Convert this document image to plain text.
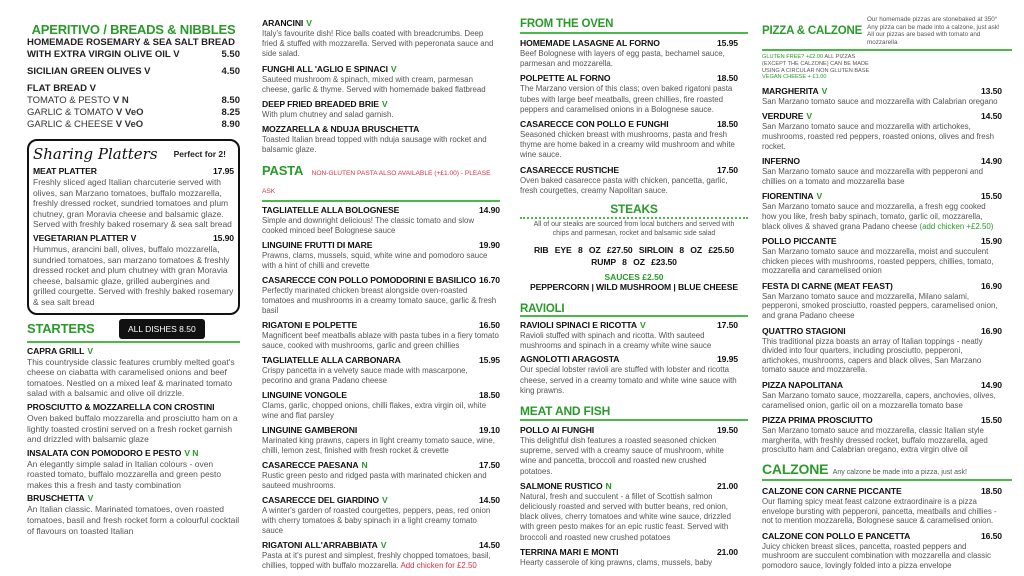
APERITIVO / BREADS & NIBBLES
HOMEMADE ROSEMARY & SEA SALT BREAD
WITH EXTRA VIRGIN OLIVE OIL V	5.50
SICILIAN GREEN OLIVES V	4.50
FLAT BREAD V
TOMATO & PESTO V N	8.50
GARLIC & TOMATO V VeO	8.25
GARLIC & CHEESE V VeO	8.90
Sharing Platters Perfect for 2!
MEAT PLATTER	17.95
Freshly sliced aged Italian charcuterie served with olives, san Marzano tomatoes, buffalo mozzarella, freshly dressed rocket, sundried tomatoes and plum chutney, gran Moravia cheese and balsamic glaze. Served with freshly baked rosemary & sea salt bread
VEGETARIAN PLATTER V	15.90
Hummus, arancini ball, olives, buffalo mozzarella, sundried tomatoes, san marzano tomatoes & freshly dressed rocket and plum chutney with gran Moravia cheese, balsamic glaze, grilled aubergines and grilled courgette. Served with freshly baked rosemary & sea salt bread
STARTERS	ALL DISHES 8.50
CAPRA GRILL V
This countryside classic features crumbly melted goat's cheese on ciabatta with caramelised onions and beef tomatoes. Nestled on a mixed leaf & marinated tomato salad with a balsamic and olive oil drizzle.
PROSCIUTTO & MOZZARELLA CON CROSTINI
Oven baked buffalo mozzarella and prosciutto ham on a lightly toasted crostini served on a fresh rocket garnish and drizzled with balsamic glaze
INSALATA CON POMODORO E PESTO V N
An elegantly simple salad in Italian colours - oven roasted tomato, buffalo mozzarella and green pesto makes this a fresh and tasty combination
BRUSCHETTA V
An Italian classic. Marinated tomatoes, oven roasted tomatoes, basil and fresh rocket form a colourful cocktail of flavours on toasted Italian
ARANCINI V
Italy's favourite dish! Rice balls coated with breadcrumbs. Deep fried & stuffed with mozzarella. Served with peperonata sauce and side salad.
FUNGHI ALL 'AGLIO E SPINACI V
Sauteed mushroom & spinach, mixed with cream, parmesan cheese, garlic & thyme. Served with homemade baked flatbread
DEEP FRIED BREADED BRIE V
With plum chutney and salad garnish.
MOZZARELLA & NDUJA BRUSCHETTA
Toasted Italian bread topped with nduja sausage with rocket and balsamic glaze.
PASTA NON-GLUTEN PASTA ALSO AVAILABLE (+£1.00) - PLEASE ASK
TAGLIATELLE ALLA BOLOGNESE	14.90
Simple and downright delicious! The classic tomato and slow cooked minced beef Bolognese sauce
LINGUINE FRUTTI DI MARE	19.90
Prawns, clams, mussels, squid, white wine and pomodoro sauce with a hint of chilli and crevette
CASARECCE CON POLLO POMODORINI E BASILICO 16.70
Perfectly marinated chicken breast alongside oven-roasted tomatoes and mushrooms in a creamy tomato sauce, garlic & fresh basil
RIGATONI E POLPETTE	16.50
Magnificent beef meatballs ablaze with pasta tubes in a fiery tomato sauce, cooked with mushrooms, garlic and green chillies
TAGLIATELLE ALLA CARBONARA	15.95
Crispy pancetta in a velvety sauce made with mascarpone, pecorino and grana Padano cheese
LINGUINE VONGOLE	18.50
Clams, garlic, chopped onions, chilli flakes, extra virgin oil, white wine and flat parsley
LINGUINE GAMBERONI	19.10
Marinated king prawns, capers in light creamy tomato sauce, wine, chilli, lemon zest, finished with fresh rocket & crevette
CASARECCE PAESANA N	17.50
Rustic green pesto and ridged pasta with marinated chicken and sauteed mushrooms.
CASARECCE DEL GIARDINO V	14.50
A winter's garden of roasted courgettes, peppers, peas, red onion with cherry tomatoes & baby spinach in a light creamy tomato sauce
RIGATONI ALL'ARRABBIATA V	14.50
Pasta at it's purest and simplest, freshly chopped tomatoes, basil, chillies, topped with buffalo mozzarella. Add chicken for £2.50
FROM THE OVEN
HOMEMADE LASAGNE AL FORNO	15.95
Beef Bolognese with layers of egg pasta, bechamel sauce, parmesan and mozzarella.
POLPETTE AL FORNO	18.50
The Marzano version of this class; oven baked rigatoni pasta tubes with large beef meatballs, green chillies, fire roasted peppers and caramelised onions in a Bolognese sauce.
CASARECCE CON POLLO E FUNGHI	18.50
Seasoned chicken breast with mushrooms, pasta and fresh thyme are home baked in a creamy wild mushroom and white wine sauce.
CASARECCE RUSTICHE	17.50
Oven baked casarecce pasta with chicken, pancetta, garlic, fresh courgettes, creamy Napolitan sauce.
STEAKS
All of our steaks are sourced from local butchers and served with chips and parmesan, rocket and balsamic side salad
RIB EYE 8 OZ £27.50 SIRLOIN 8 OZ £25.50 RUMP 8 OZ £23.50
SAUCES £2.50
PEPPERCORN | WILD MUSHROOM | BLUE CHEESE
RAVIOLI
RAVIOLI SPINACI E RICOTTA V	17.50
Ravioli stuffed with spinach and ricotta. With sauteed mushrooms and spinach in a creamy white wine sauce
AGNOLOTTI ARAGOSTA	19.95
Our special lobster ravioli are stuffed with lobster and ricotta cheese, served in a creamy tomato and white wine sauce with king prawns.
MEAT AND FISH
POLLO AI FUNGHI	19.50
This delightful dish features a roasted seasoned chicken supreme, served with a creamy sauce of mushroom, white wine and pancetta, broccoli and roasted new crushed potatoes.
SALMONE RUSTICO N	21.00
Natural, fresh and succulent - a fillet of Scottish salmon deliciously roasted and served with butter beans, red onion, black olives, cherry tomatoes and white wine sauce, drizzled with green pesto makes for an epic rustic feast. Served with broccoli and roasted new crushed potatoes
TERRINA MARI E MONTI	21.00
Hearty casserole of king prawns, clams, mussels, baby
PIZZA & CALZONE
Our homemade pizzas are stonebaked at 350° Any pizza can be made into a calzone, just ask! All our pizzas are based with tomato and mozzarella
GLUTEN FREE? +£2.00 ALL PIZZAS (EXCEPT THE CALZONE) CAN BE MADE USING A CIRCULAR NON GLUTEN BASE
VEGAN CHEESE + £1.00
MARGHERITA V	13.50
San Marzano tomato sauce and mozzarella with Calabrian oregano
VERDURE V	14.50
San Marzano tomato sauce and mozzarella with artichokes, mushrooms, roasted red peppers, roasted onions, olives and fresh rocket.
INFERNO	14.90
San Marzano tomato sauce and mozzarella with pepperoni and chillies on a tomato and mozzarella base
FIORENTINA V	15.50
San Marzano tomato sauce and mozzarella, a fresh egg cooked how you like, fresh baby spinach, tomato, garlic oil, mozzarella, black olives & shaved grana Padano cheese (add chicken +£2.50)
POLLO PICCANTE	15.90
San Marzano tomato sauce and mozzarella, moist and succulent chicken pieces with mushrooms, roasted peppers, chillies, tomato, mozzarella and caramelised onion
FESTA DI CARNE (MEAT FEAST)	16.90
San Marzano tomato sauce and mozzarella, Milano salami, pepperoni, smoked prosciutto, roasted peppers, caramelised onion, and grana Padano cheese
QUATTRO STAGIONI	16.90
This traditional pizza boasts an array of Italian toppings - neatly divided into four quarters, including prosciutto, pepperoni, artichokes, mushrooms, capers and black olives, San Marzano tomato sauce and mozzarella.
PIZZA NAPOLITANA	14.90
San Marzano tomato sauce, mozzarella, capers, anchovies, olives, caramelised onion, garlic oil on a mozzarella tomato base
PIZZA PRIMA PROSCIUTTO	15.50
San Marzano tomato sauce and mozzarella, classic Italian style margherita, with freshly dressed rocket, buffalo mozzarella, aged prosciutto ham and Calabrian oregano, extra virgin olive oil
CALZONE Any calzone be made into a pizza, just ask!
CALZONE CON CARNE PICCANTE	18.50
Our flaming spicy meat feast calzone extraordinaire is a pizza envelope bursting with pepperoni, pancetta, meatballs and chillies - not to mention mozzarella, Bolognese sauce & caramelised onion.
CALZONE CON POLLO E PANCETTA	16.50
Juicy chicken breast slices, pancetta, roasted peppers and mushroom are succulent combination with mozzarella and classic pomodoro sauce, lovingly folded into a pizza envelope
